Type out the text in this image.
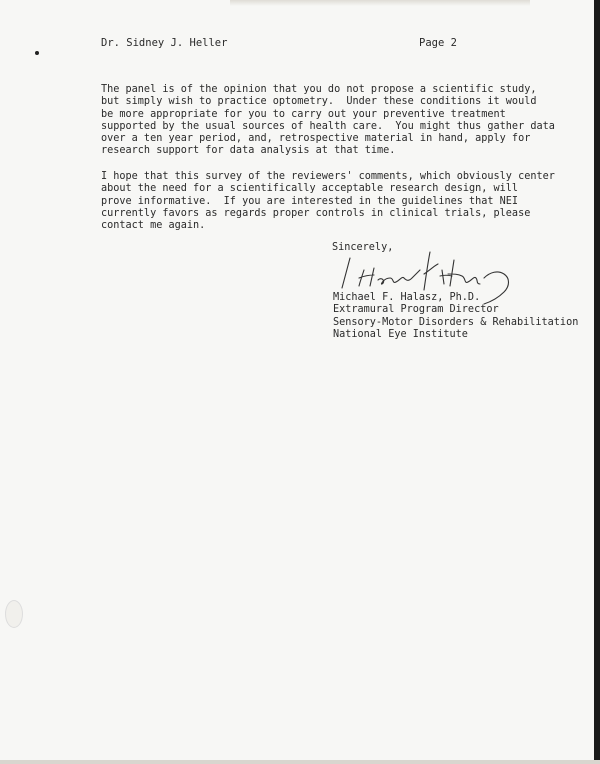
Dr. Sidney J. Heller	Page 2

The panel is of the opinion that you do not propose a scientific study,
but simply wish to practice optometry.  Under these conditions it would
be more appropriate for you to carry out your preventive treatment
supported by the usual sources of health care.  You might thus gather data
over a ten year period, and, retrospective material in hand, apply for
research support for data analysis at that time.

I hope that this survey of the reviewers' comments, which obviously center
about the need for a scientifically acceptable research design, will
prove informative.  If you are interested in the guidelines that NEI
currently favors as regards proper controls in clinical trials, please
contact me again.

Sincerely,
Michael F. Halasz, Ph.D.
Extramural Program Director
Sensory-Motor Disorders & Rehabilitation
National Eye Institute
